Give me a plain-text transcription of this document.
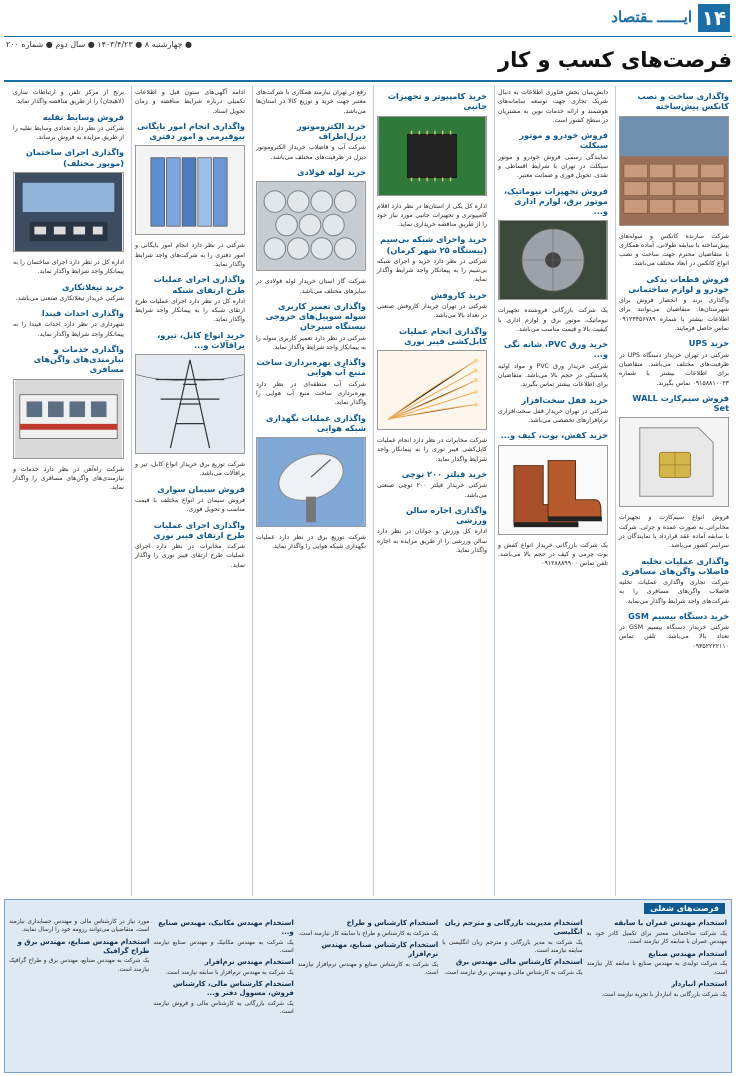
۱۴
ایــــــ ـقتصاد
● چهارشنبه ۸ ● ۱۴۰۳/۴/۲۳ ● سال دوم ● شماره ۲۰۰
فرصت‌های کسب و کار
واگذاری ساخت و نصب کانکس پیش‌ساخته
شرکت سازنده کانکس و سوله‌های پیش‌ساخته با سابقه طولانی، آماده همکاری با متقاضیان محترم جهت ساخت و نصب انواع کانکس در ابعاد مختلف می‌باشد.
فروش قطعات یدکی خودرو و لوازم ساختمانی
واگذاری برند و انحصار فروش برای شهرستان‌ها. متقاضیان می‌توانند برای اطلاعات بیشتر با شماره ۰۹۱۲۳۴۵۶۷۸۹ تماس حاصل فرمایند.
خرید UPS
شرکتی در تهران خریدار دستگاه UPS در ظرفیت‌های مختلف می‌باشد. متقاضیان برای اطلاعات بیشتر با شماره ۰۹۱۵۸۸۱۰۰۲۳ تماس بگیرند.
فروش سیم‌کارت WALL Set
فروش انواع سیم‌کارت و تجهیزات مخابراتی به صورت عمده و جزئی. شرکت با سابقه آماده عقد قرارداد با نمایندگان در سراسر کشور می‌باشد.
واگذاری عملیات تخلیه فاضلاب واگن‌های مسافری
شرکت تجاری واگذاری عملیات تخلیه فاضلاب واگن‌های مسافری را به شرکت‌های واجد شرایط واگذار می‌نماید.
خرید دستگاه بیسیم GSM
شرکتی خریدار دستگاه بیسیم GSM در تعداد بالا می‌باشد. تلفن تماس ۰۹۳۵۲۲۲۲۱۱۰
دانش‌بنیان بخش فناوری اطلاعات به دنبال شریک تجاری جهت توسعه سامانه‌های هوشمند و ارائه خدمات نوین به مشتریان در سطح کشور است.
فروش خودرو و موتور سیکلت
نمایندگی رسمی فروش خودرو و موتور سیکلت در تهران با شرایط اقساطی و نقدی. تحویل فوری و ضمانت معتبر.
فروش تجهیزات نیوماتیک، موتور برق، لوازم اداری و...
یک شرکت بازرگانی فروشنده تجهیزات نیوماتیک، موتور برق و لوازم اداری با کیفیت بالا و قیمت مناسب می‌باشد.
خرید ورق PVC، شانه نگی و...
شرکتی خریدار ورق PVC و مواد اولیه پلاستیکی در حجم بالا می‌باشد. متقاضیان برای اطلاعات بیشتر تماس بگیرند.
خرید قفل سخت‌افزار
شرکتی در تهران خریدار قفل سخت‌افزاری نرم‌افزارهای تخصصی می‌باشد.
خرید کفش، بوت، کیف و...
یک شرکت بازرگانی خریدار انواع کفش و بوت چرمی و کیف در حجم بالا می‌باشد. تلفن تماس ۰۹۱۲۸۸۸۹۹۰۰
خرید کامپیوتر و تجهیزات جانبی
اداره کل یکی از استان‌ها در نظر دارد اقلام کامپیوتری و تجهیزات جانبی مورد نیاز خود را از طریق مناقصه خریداری نماید.
خرید واجرای شبکه بی‌سیم (بیستگاه ۲۵ شهر کرمان)
شرکتی در نظر دارد خرید و اجرای شبکه بی‌سیم را به پیمانکار واجد شرایط واگذار نماید.
خرید کاروفش
شرکتی در تهران خریدار کاروفش صنعتی در تعداد بالا می‌باشد.
واگذاری انجام عملیات کابل‌کشی فیبر نوری
شرکت مخابرات در نظر دارد انجام عملیات کابل‌کشی فیبر نوری را به پیمانکار واجد شرایط واگذار نماید.
خرید فیلتر ۲۰۰ توچی
شرکتی خریدار فیلتر ۲۰۰ توچی صنعتی می‌باشد.
واگذاری اجاره سالن ورزشی
اداره کل ورزش و جوانان در نظر دارد سالن ورزشی را از طریق مزایده به اجاره واگذار نماید.
رفع در تهران نیازمند همکاری با شرکت‌های معتبر جهت خرید و توزیع کالا در استان‌ها می‌باشد.
خرید الکتروموتور دیزل‌اطراف
شرکت آب و فاضلاب خریدار الکتروموتور دیزل در ظرفیت‌های مختلف می‌باشد.
خرید لوله فولادی
شرکت گاز استان خریدار لوله فولادی در سایزهای مختلف می‌باشد.
واگذاری تعمیر کاربری سوله سوپیل‌های خروجی نیستگاه سیرجان
شرکتی در نظر دارد تعمیر کاربری سوله را به پیمانکار واجد شرایط واگذار نماید.
واگذاری بهره‌برداری ساخت منبع آب هوایی
شرکت آب منطقه‌ای در نظر دارد بهره‌برداری ساخت منبع آب هوایی را واگذار نماید.
واگذاری عملیات نگهداری شبکه هوایی
شرکت توزیع برق در نظر دارد عملیات نگهداری شبکه هوایی را واگذار نماید.
ادامه آگهی‌های ستون قبل و اطلاعات تکمیلی درباره شرایط مناقصه و زمان تحویل اسناد.
واگذاری انجام امور بایگانی بیوقیرمی و امور دفتری
شرکتی در نظر دارد انجام امور بایگانی و امور دفتری را به شرکت‌های واجد شرایط واگذار نماید.
واگذاری اجرای عملیات طرح ارتقای شبکه
اداره کل در نظر دارد اجرای عملیات طرح ارتقای شبکه را به پیمانکار واجد شرایط واگذار نماید.
خرید انواع کابل، تیرو، یراقآلات و...
شرکت توزیع برق خریدار انواع کابل، تیر و یراقآلات می‌باشد.
فروش سیمان سواری
فروش سیمان در انواع مختلف با قیمت مناسب و تحویل فوری.
واگذاری اجرای عملیات طرح ارتقای فیبر نوری
شرکت مخابرات در نظر دارد اجرای عملیات طرح ارتقای فیبر نوری را واگذار نماید.
برنج از مرکز تلفن و ارتباطات ساری (لاهیجان) را از طریق مناقصه واگذار نماید.
فروش وسایط نقلیه
شرکتی در نظر دارد تعدادی وسایط نقلیه را از طریق مزایده به فروش برساند.
واگذاری اجرای ساختمان (موبور مختلف)
اداره کل در نظر دارد اجرای ساختمان را به پیمانکار واجد شرایط واگذار نماید.
خرید تیغلاتکاری
شرکتی خریدار تیغلاتکاری صنعتی می‌باشد.
واگذاری احداث فیندا
شهرداری در نظر دارد احداث فیندا را به پیمانکار واجد شرایط واگذار نماید.
واگذاری خدمات و نیازمندی‌های واگن‌های مسافری
شرکت راه‌آهن در نظر دارد خدمات و نیازمندی‌های واگن‌های مسافری را واگذار نماید.
فرصت‌های شغلی
استخدام مهندس عمران با سابقه
یک شرکت ساختمانی معتبر برای تکمیل کادر خود به مهندس عمران با سابقه کار نیازمند است.
استخدام مهندس صنایع
یک شرکت تولیدی به مهندس صنایع با سابقه کار نیازمند است.
استخدام انباردار
یک شرکت بازرگانی به انباردار با تجربه نیازمند است.
استخدام مدیریت بازرگانی و مترجم زبان انگلیسی
یک شرکت به مدیر بازرگانی و مترجم زبان انگلیسی با سابقه نیازمند است.
استخدام کارشناس مالی مهندس برق
یک شرکت به کارشناس مالی و مهندس برق نیازمند است.
استخدام کارشناس و طراح
یک شرکت به کارشناس و طراح با سابقه کار نیازمند است.
استخدام کارشناس صنایع، مهندس نرم‌افزار
یک شرکت به کارشناس صنایع و مهندس نرم‌افزار نیازمند است.
استخدام مهندس مکانیک، مهندس صنایع و...
یک شرکت به مهندس مکانیک و مهندس صنایع نیازمند است.
استخدام مهندس نرم‌افزار
یک شرکت به مهندس نرم‌افزار با سابقه نیازمند است.
استخدام کارشناس مالی، کارشناس فروش، مسوول دفتر و...
یک شرکت بازرگانی به کارشناس مالی و فروش نیازمند است.
مورد نیاز در کارشناس مالی و مهندس حسابداری نیازمند است. متقاضیان می‌توانند رزومه خود را ارسال نمایند.
استخدام مهندس صنایع، مهندس برق و طراح گرافیک
یک شرکت به مهندس صنایع، مهندس برق و طراح گرافیک نیازمند است.
